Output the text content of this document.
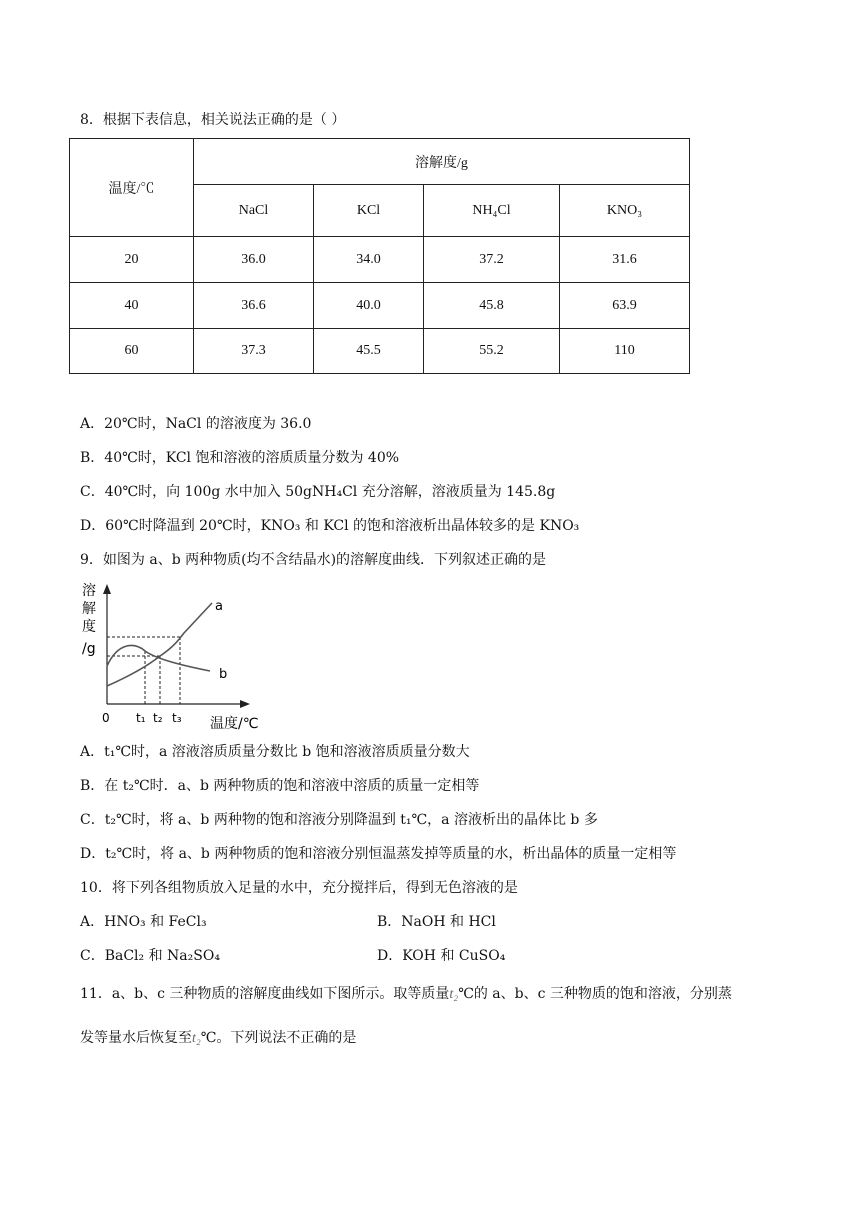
8．根据下表信息，相关说法正确的是（ ）
温度/℃	溶解度/g			
	NaCl	KCl	NH₄Cl	KNO₃
20	36.0	34.0	37.2	31.6
40	36.6	40.0	45.8	63.9
60	37.3	45.5	55.2	110
A．20℃时，NaCl 的溶液度为 36.0
B．40℃时，KCl 饱和溶液的溶质质量分数为 40%
C．40℃时，向 100g 水中加入 50gNH₄Cl 充分溶解，溶液质量为 145.8g
D．60℃时降温到 20℃时，KNO₃ 和 KCl 的饱和溶液析出晶体较多的是 KNO₃
9．如图为 a、b 两种物质(均不含结晶水)的溶解度曲线．下列叙述正确的是
溶
解
度
/g
a
b
0 t₁ t₂ t₃ 温度/℃
A．t₁℃时，a 溶液溶质质量分数比 b 饱和溶液溶质质量分数大
B．在 t₂℃时．a、b 两种物质的饱和溶液中溶质的质量一定相等
C．t₂℃时，将 a、b 两种物的饱和溶液分别降温到 t₁℃，a 溶液析出的晶体比 b 多
D．t₂℃时，将 a、b 两种物质的饱和溶液分别恒温蒸发掉等质量的水，析出晶体的质量一定相等
10．将下列各组物质放入足量的水中，充分搅拌后，得到无色溶液的是
A．HNO₃ 和 FeCl₃	B．NaOH 和 HCl
C．BaCl₂ 和 Na₂SO₄	D．KOH 和 CuSO₄
11．a、b、c 三种物质的溶解度曲线如下图所示。取等质量t₂℃的 a、b、c 三种物质的饱和溶液，分别蒸
发等量水后恢复至t₂℃。下列说法不正确的是
